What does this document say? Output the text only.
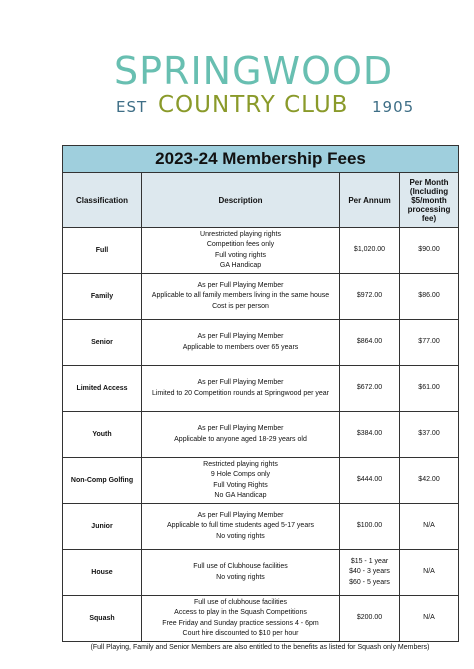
SPRINGWOOD
EST COUNTRY CLUB 1905
2023-24 Membership Fees			
Classification	Description	Per Annum	Per Month
(Including
$5/month
processing fee)

Full	Unrestricted playing rights
Competition fees only
Full voting rights
GA Handicap	$1,020.00	$90.00
Family	As per Full Playing Member
Applicable to all family members living in the same house
Cost is per person	$972.00	$86.00
Senior	As per Full Playing Member
Applicable to members over 65 years	$864.00	$77.00
Limited Access	As per Full Playing Member
Limited to 20 Competition rounds at Springwood per year	$672.00	$61.00
Youth	As per Full Playing Member
Applicable to anyone aged 18-29 years old	$384.00	$37.00
Non-Comp Golfing	Restricted playing rights
9 Hole Comps only
Full Voting Rights
No GA Handicap	$444.00	$42.00
Junior	As per Full Playing Member
Applicable to full time students aged 5-17 years
No voting rights	$100.00	N/A
House	Full use of Clubhouse facilities
No voting rights	$15 - 1 year
$40 - 3 years
$60 - 5 years	N/A
Squash	Full use of clubhouse facilities
Access to play in the Squash Competitions
Free Friday and Sunday practice sessions 4 - 6pm
Court hire discounted to $10 per hour	$200.00	N/A
(Full Playing, Family and Senior Members are also entitled to the benefits as listed for Squash only Members)
